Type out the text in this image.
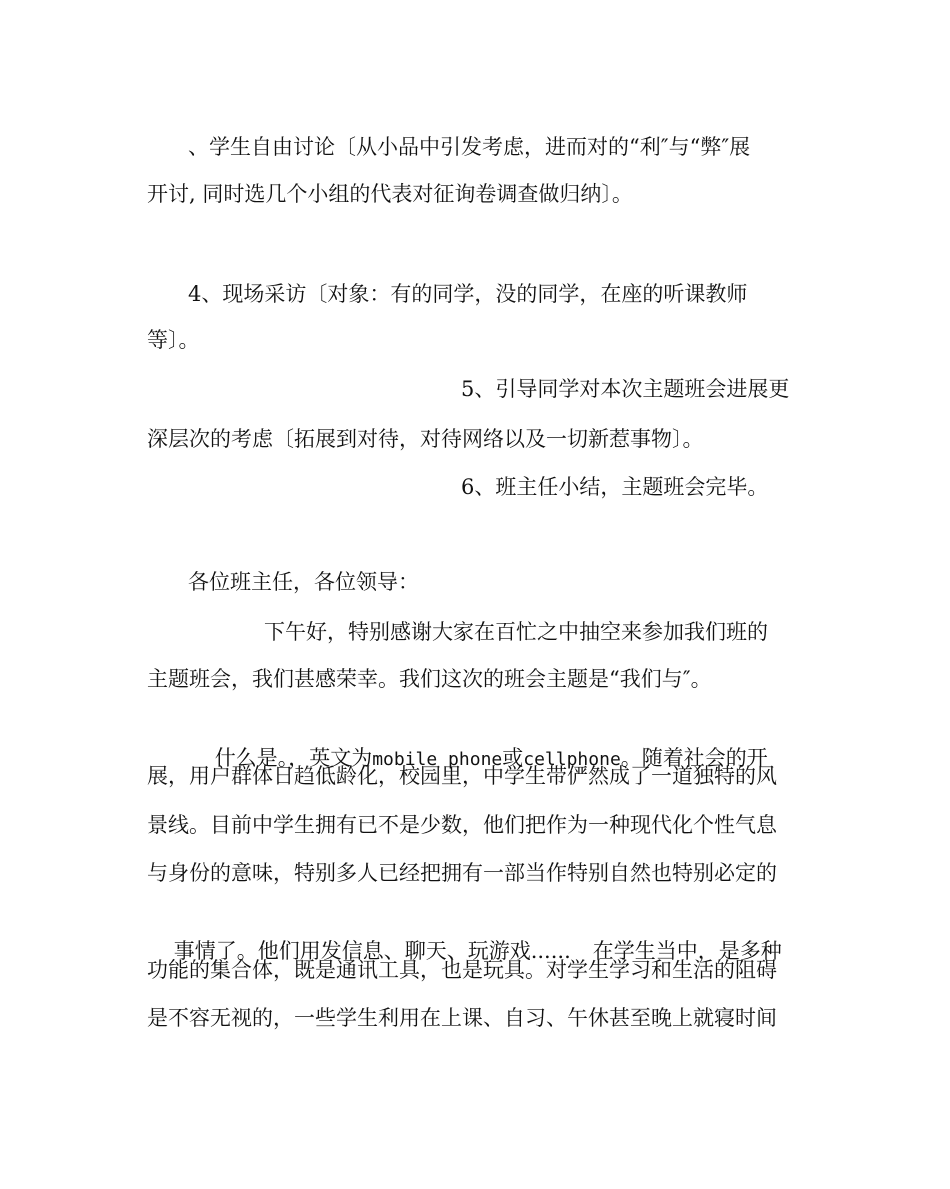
、学生自由讨论〔从小品中引发考虑，进而对的“利″与“弊″展
开讨, 同时选几个小组的代表对征询卷调查做归纳〕。
4、现场采访〔对象：有的同学，没的同学，在座的听课教师
等〕。
5、引导同学对本次主题班会进展更
深层次的考虑〔拓展到对待，对待网络以及一切新惹事物〕。
6、班主任小结，主题班会完毕。
各位班主任，各位领导：
下午好，特别感谢大家在百忙之中抽空来参加我们班的
主题班会，我们甚感荣幸。我们这次的班会主题是“我们与″。

什么是。，英文为mobile phone或cellphone。随着社会的开

展，用户群体日趋低龄化，校园里，中学生带俨然成了一道独特的风
景线。目前中学生拥有已不是少数，他们把作为一种现代化个性气息
与身份的意味，特别多人已经把拥有一部当作特别自然也特别必定的

事情了。他们用发信息、聊天、玩游戏...... 在学生当中，是多种

功能的集合体，既是通讯工具，也是玩具。对学生学习和生活的阻碍
是不容无视的，一些学生利用在上课、自习、午休甚至晚上就寝时间
